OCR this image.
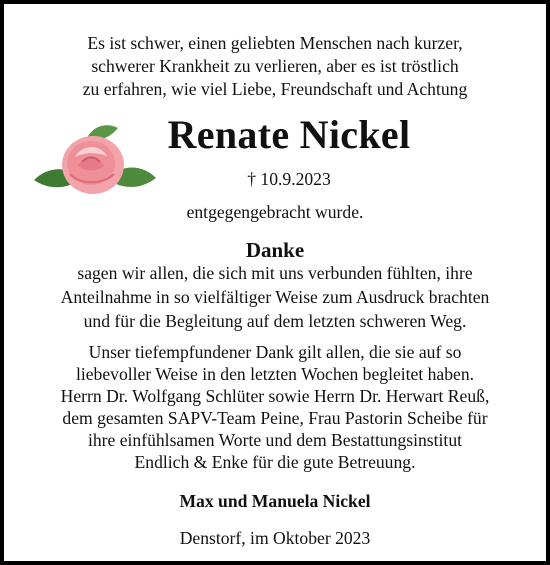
Es ist schwer, einen geliebten Menschen nach kurzer,
schwerer Krankheit zu verlieren, aber es ist tröstlich
zu erfahren, wie viel Liebe, Freundschaft und Achtung
Renate Nickel
† 10.9.2023
entgegengebracht wurde.
Danke
sagen wir allen, die sich mit uns verbunden fühlten, ihre
Anteilnahme in so vielfältiger Weise zum Ausdruck brachten
und für die Begleitung auf dem letzten schweren Weg.
Unser tiefempfundener Dank gilt allen, die sie auf so
liebevoller Weise in den letzten Wochen begleitet haben.
Herrn Dr. Wolfgang Schlüter sowie Herrn Dr. Herwart Reuß,
dem gesamten SAPV-Team Peine, Frau Pastorin Scheibe für
ihre einfühlsamen Worte und dem Bestattungsinstitut
Endlich & Enke für die gute Betreuung.
Max und Manuela Nickel
Denstorf, im Oktober 2023
